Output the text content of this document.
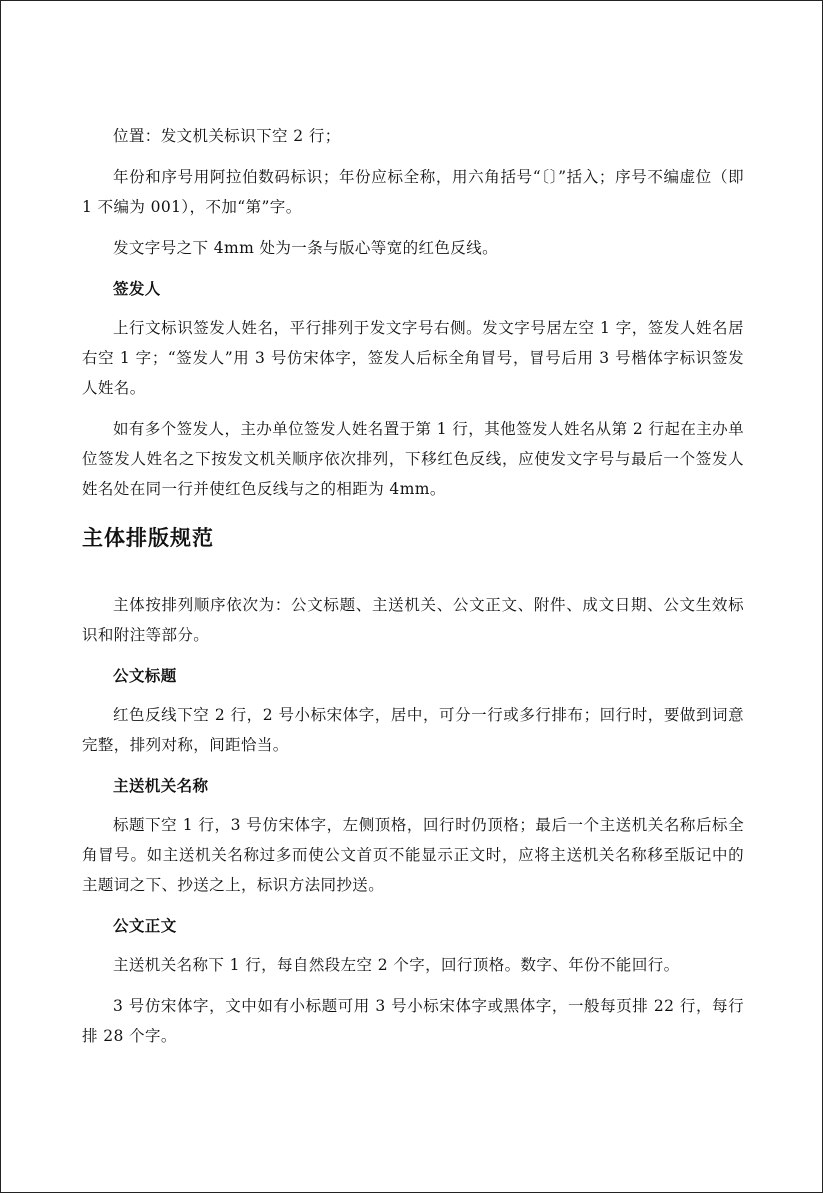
位置：发文机关标识下空 2 行；

年份和序号用阿拉伯数码标识；年份应标全称，用六角括号“〔〕”括入；序号不编虚位（即 1 不编为 001），不加“第”字。

发文字号之下 4mm 处为一条与版心等宽的红色反线。

签发人

上行文标识签发人姓名，平行排列于发文字号右侧。发文字号居左空 1 字，签发人姓名居右空 1 字；“签发人”用 3 号仿宋体字，签发人后标全角冒号，冒号后用 3 号楷体字标识签发人姓名。

如有多个签发人，主办单位签发人姓名置于第 1 行，其他签发人姓名从第 2 行起在主办单位签发人姓名之下按发文机关顺序依次排列，下移红色反线，应使发文字号与最后一个签发人姓名处在同一行并使红色反线与之的相距为 4mm。

主体排版规范

主体按排列顺序依次为：公文标题、主送机关、公文正文、附件、成文日期、公文生效标识和附注等部分。

公文标题

红色反线下空 2 行，2 号小标宋体字，居中，可分一行或多行排布；回行时，要做到词意完整，排列对称，间距恰当。

主送机关名称

标题下空 1 行，3 号仿宋体字，左侧顶格，回行时仍顶格；最后一个主送机关名称后标全角冒号。如主送机关名称过多而使公文首页不能显示正文时，应将主送机关名称移至版记中的主题词之下、抄送之上，标识方法同抄送。

公文正文

主送机关名称下 1 行，每自然段左空 2 个字，回行顶格。数字、年份不能回行。

3 号仿宋体字，文中如有小标题可用 3 号小标宋体字或黑体字，一般每页排 22 行，每行排 28 个字。
